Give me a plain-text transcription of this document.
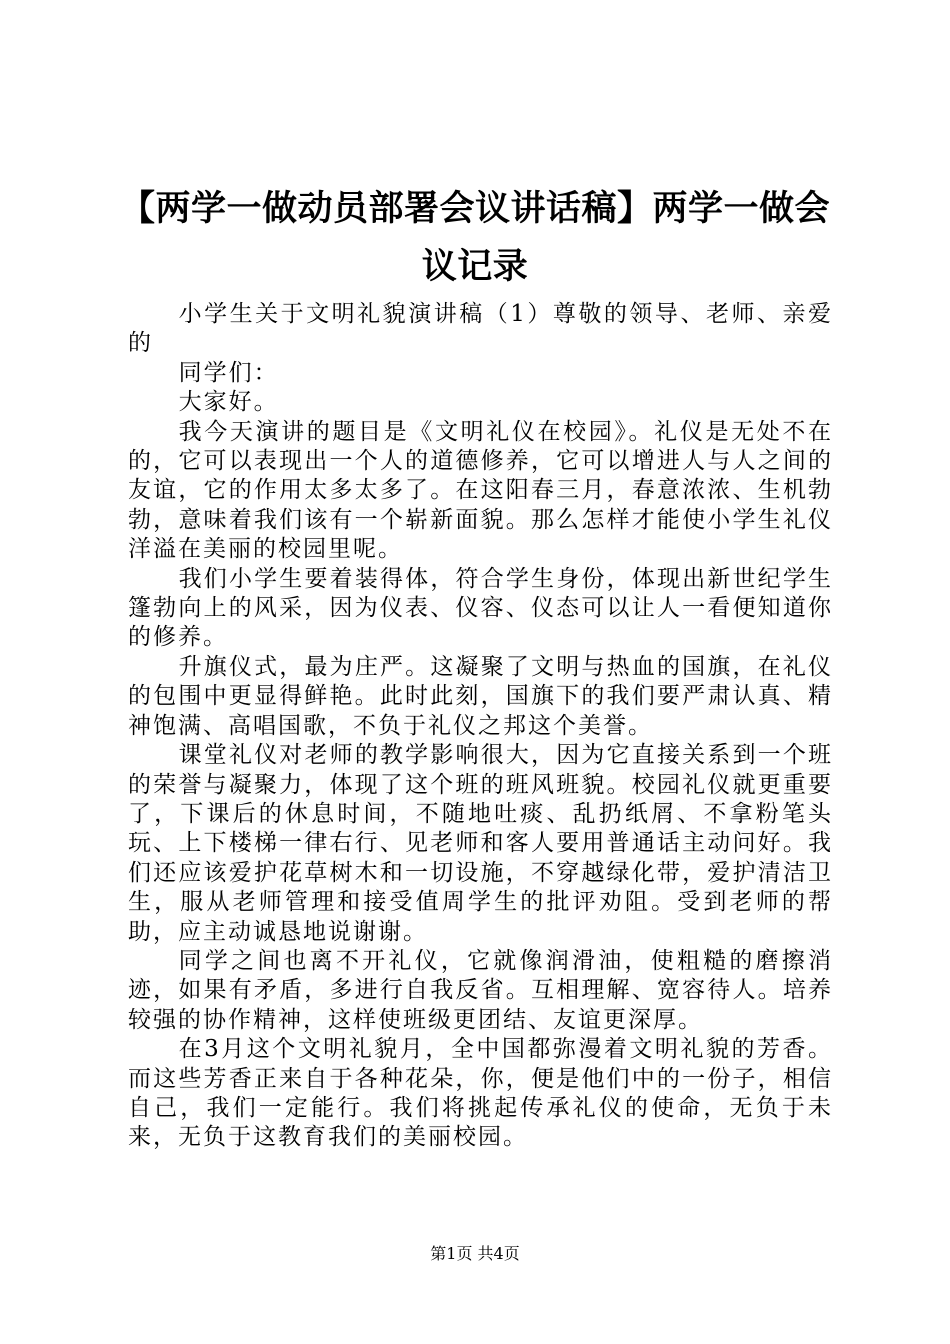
【两学一做动员部署会议讲话稿】两学一做会
议记录

小学生关于文明礼貌演讲稿（1）尊敬的领导、老师、亲爱的

同学们：

大家好。

我今天演讲的题目是《文明礼仪在校园》。礼仪是无处不在的，它可以表现出一个人的道德修养，它可以增进人与人之间的友谊，它的作用太多太多了。在这阳春三月，春意浓浓、生机勃勃，意味着我们该有一个崭新面貌。那么怎样才能使小学生礼仪洋溢在美丽的校园里呢。

我们小学生要着装得体，符合学生身份，体现出新世纪学生篷勃向上的风采，因为仪表、仪容、仪态可以让人一看便知道你的修养。

升旗仪式，最为庄严。这凝聚了文明与热血的国旗，在礼仪的包围中更显得鲜艳。此时此刻，国旗下的我们要严肃认真、精神饱满、高唱国歌，不负于礼仪之邦这个美誉。

课堂礼仪对老师的教学影响很大，因为它直接关系到一个班的荣誉与凝聚力，体现了这个班的班风班貌。校园礼仪就更重要了，下课后的休息时间，不随地吐痰、乱扔纸屑、不拿粉笔头玩、上下楼梯一律右行、见老师和客人要用普通话主动问好。我们还应该爱护花草树木和一切设施，不穿越绿化带，爱护清洁卫生，服从老师管理和接受值周学生的批评劝阻。受到老师的帮助，应主动诚恳地说谢谢。

同学之间也离不开礼仪，它就像润滑油，使粗糙的磨擦消迹，如果有矛盾，多进行自我反省。互相理解、宽容待人。培养较强的协作精神，这样使班级更团结、友谊更深厚。

在3月这个文明礼貌月，全中国都弥漫着文明礼貌的芳香。而这些芳香正来自于各种花朵，你，便是他们中的一份子，相信自己，我们一定能行。我们将挑起传承礼仪的使命，无负于未来，无负于这教育我们的美丽校园。

第1页 共4页
